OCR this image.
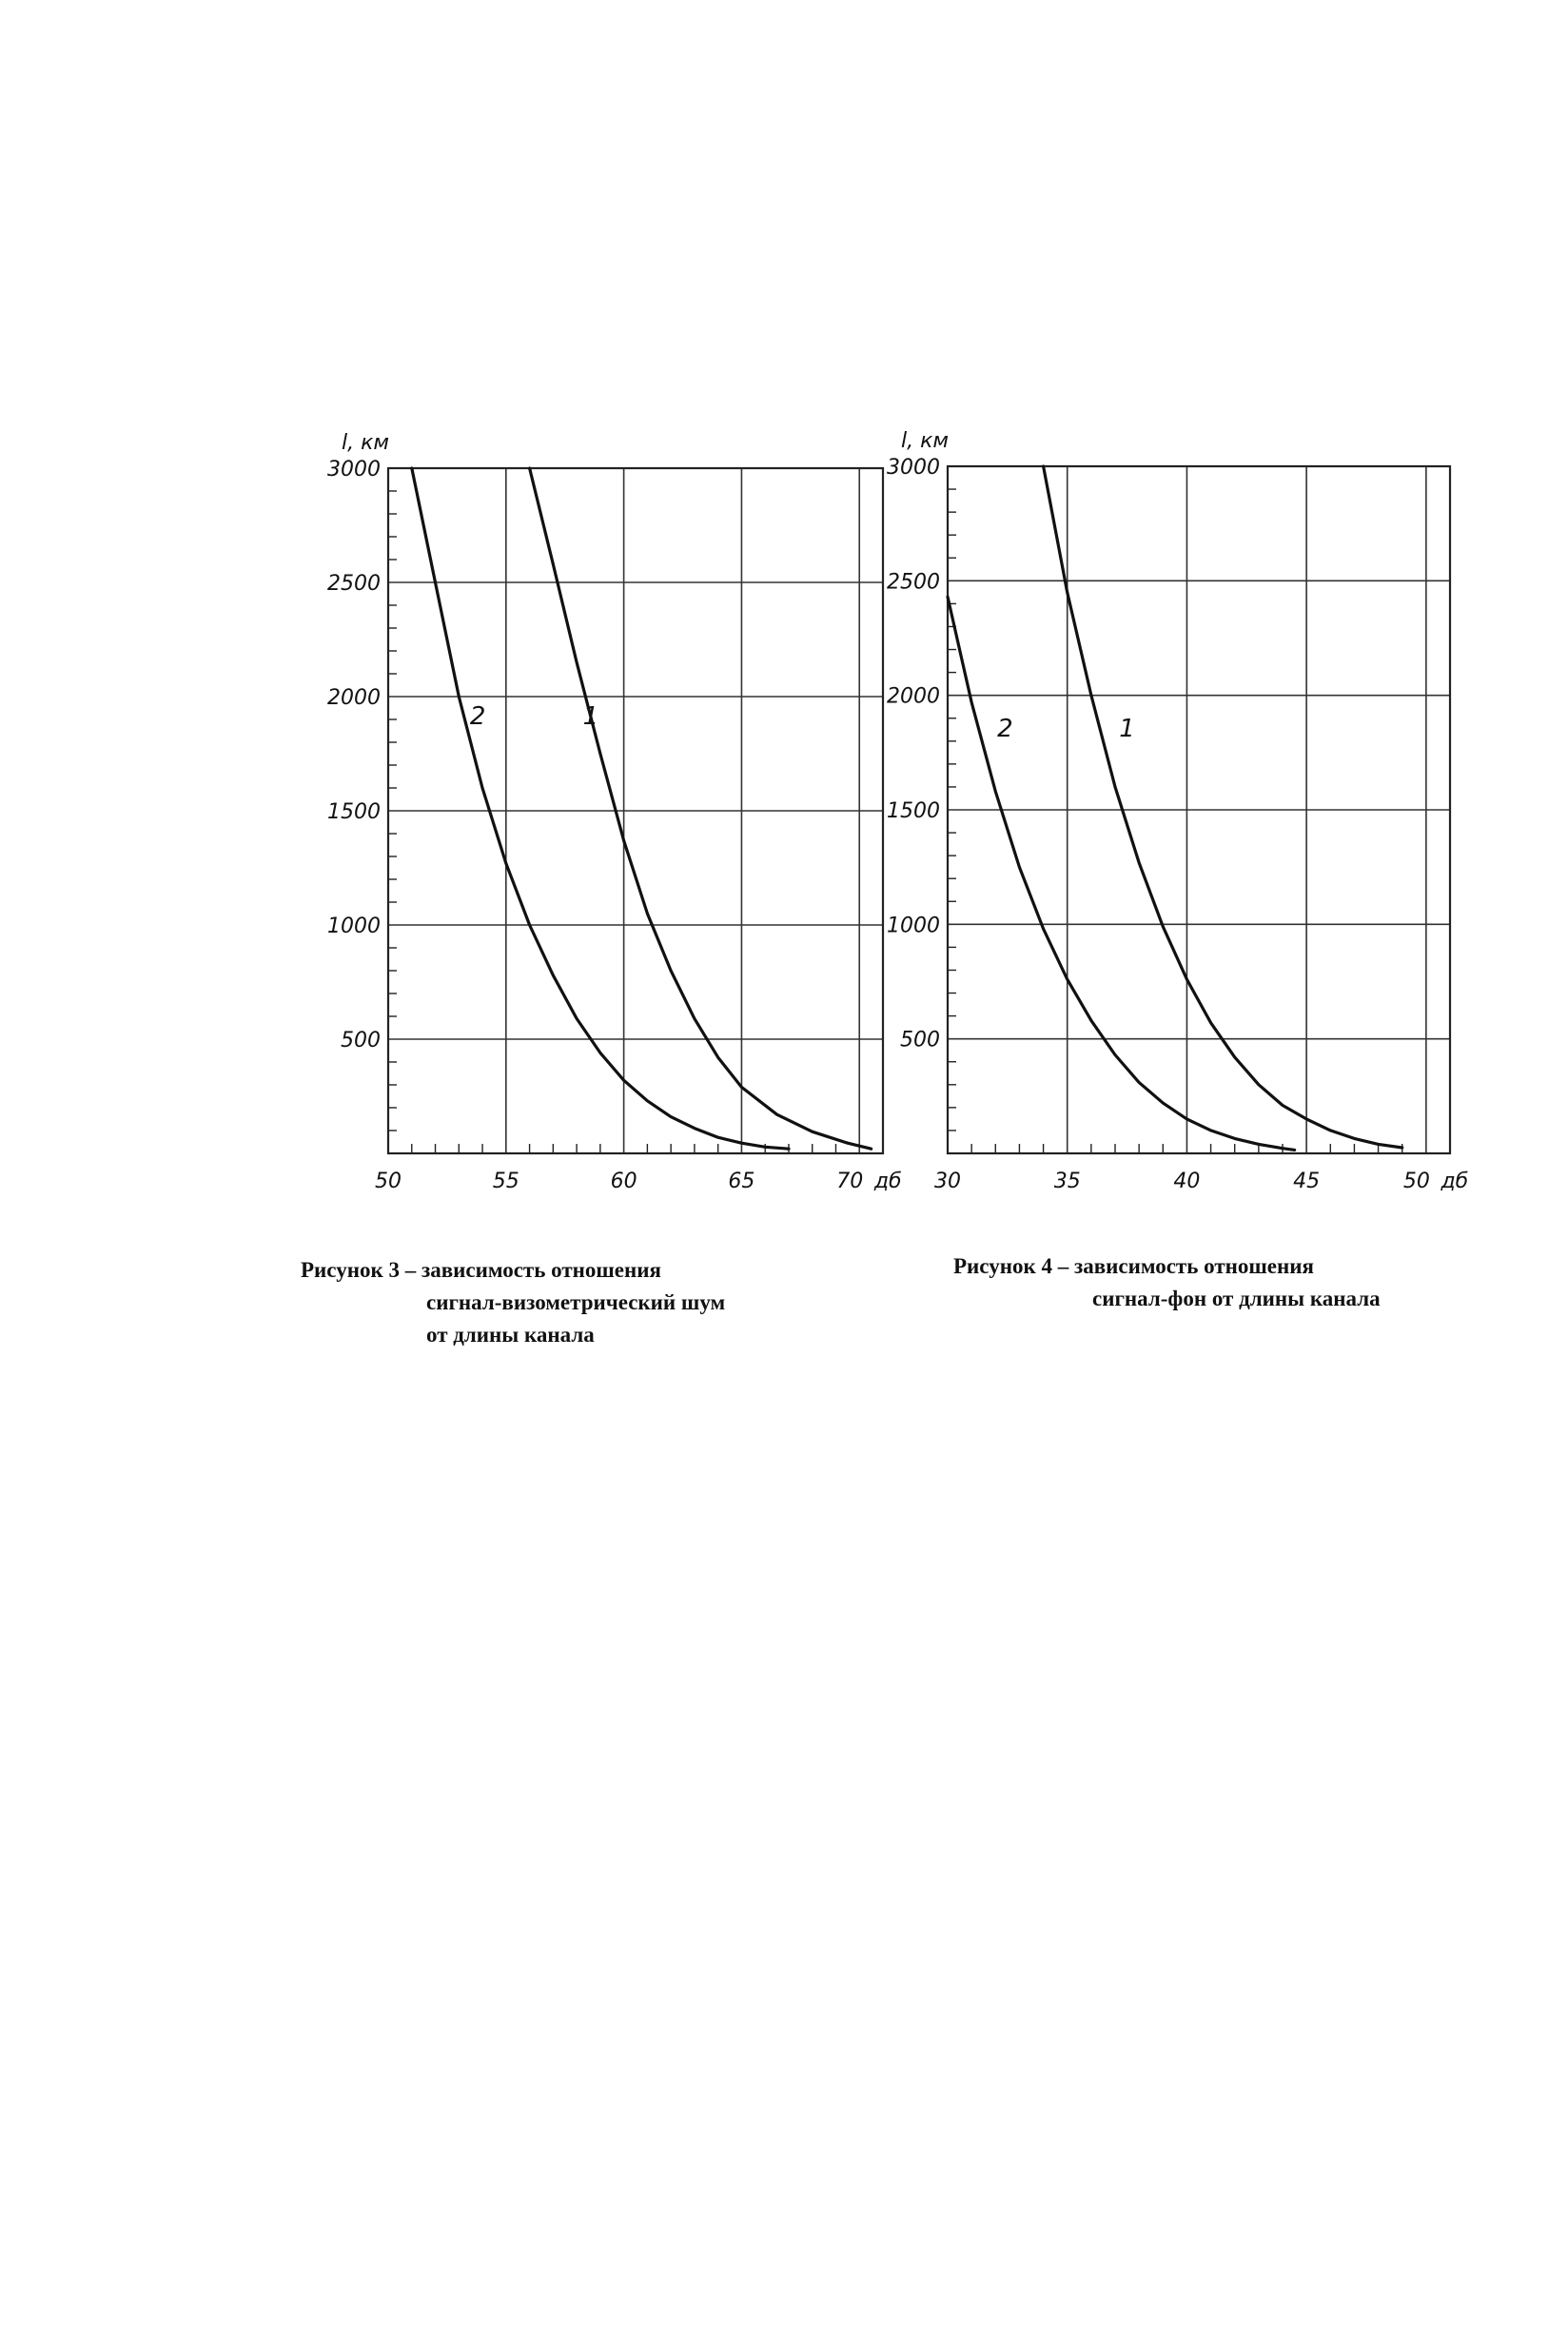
500
1000
1500
2000
2500
3000
50	55	60	65	70 дб
l, км
1
2
500
1000
1500
2000
2500
3000
30	35	40	45	50 дб
l, км
1
2
Рисунок 3 – зависимость отношения
сигнал-визометрический шум
от длины канала
Рисунок 4 – зависимость отношения
сигнал-фон от длины канала
